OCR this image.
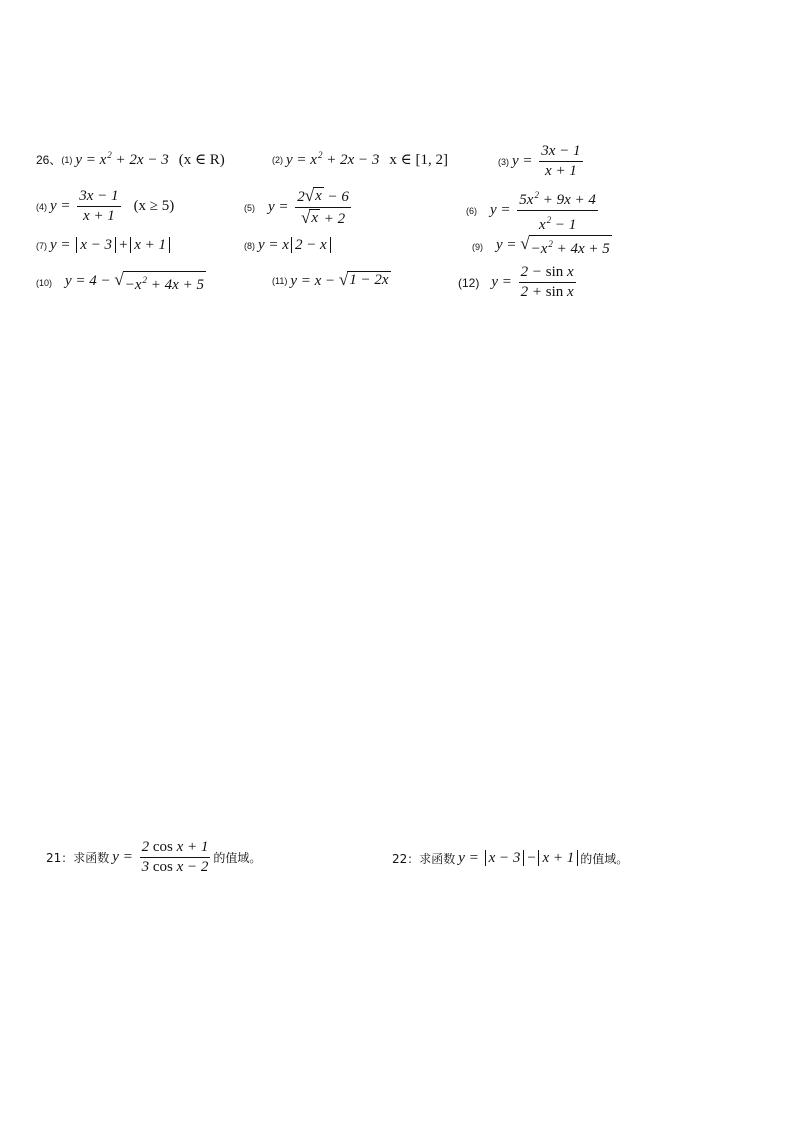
26、 (1) $y = x^2 + 2x - 3$ (x ∈ R)	(2) $y = x^2 + 2x - 3$ x ∈ [1, 2]	(3) $y = \frac{3x - 1}{x + 1}$
(4) $y = \frac{3x - 1}{x + 1} (x \ge 5)$	(5) $y = \frac{2 √ x - 6}{√ x + 2}$	(6) $y = \frac{5x^2 + 9x + 4}{x^2 - 1}$
(7) y = x − 3 + x + 1	(8) y = x 2 − x	(9) y = √ $-x^2 + 4x + 5$
(10) y = 4 − √ $-x^2 + 4x + 5$	(11) y = x − √ 1 − 2x	(12) $y = \frac{\text{2 − sin x}}{\text{2 + sin x}}$
21：求函数 $y = \frac{\text{2 cos x + 1}}{\text{3 cos x − 2}}$ 的值域。	22：求函数 y = x − 3 − x + 1 的值域。
